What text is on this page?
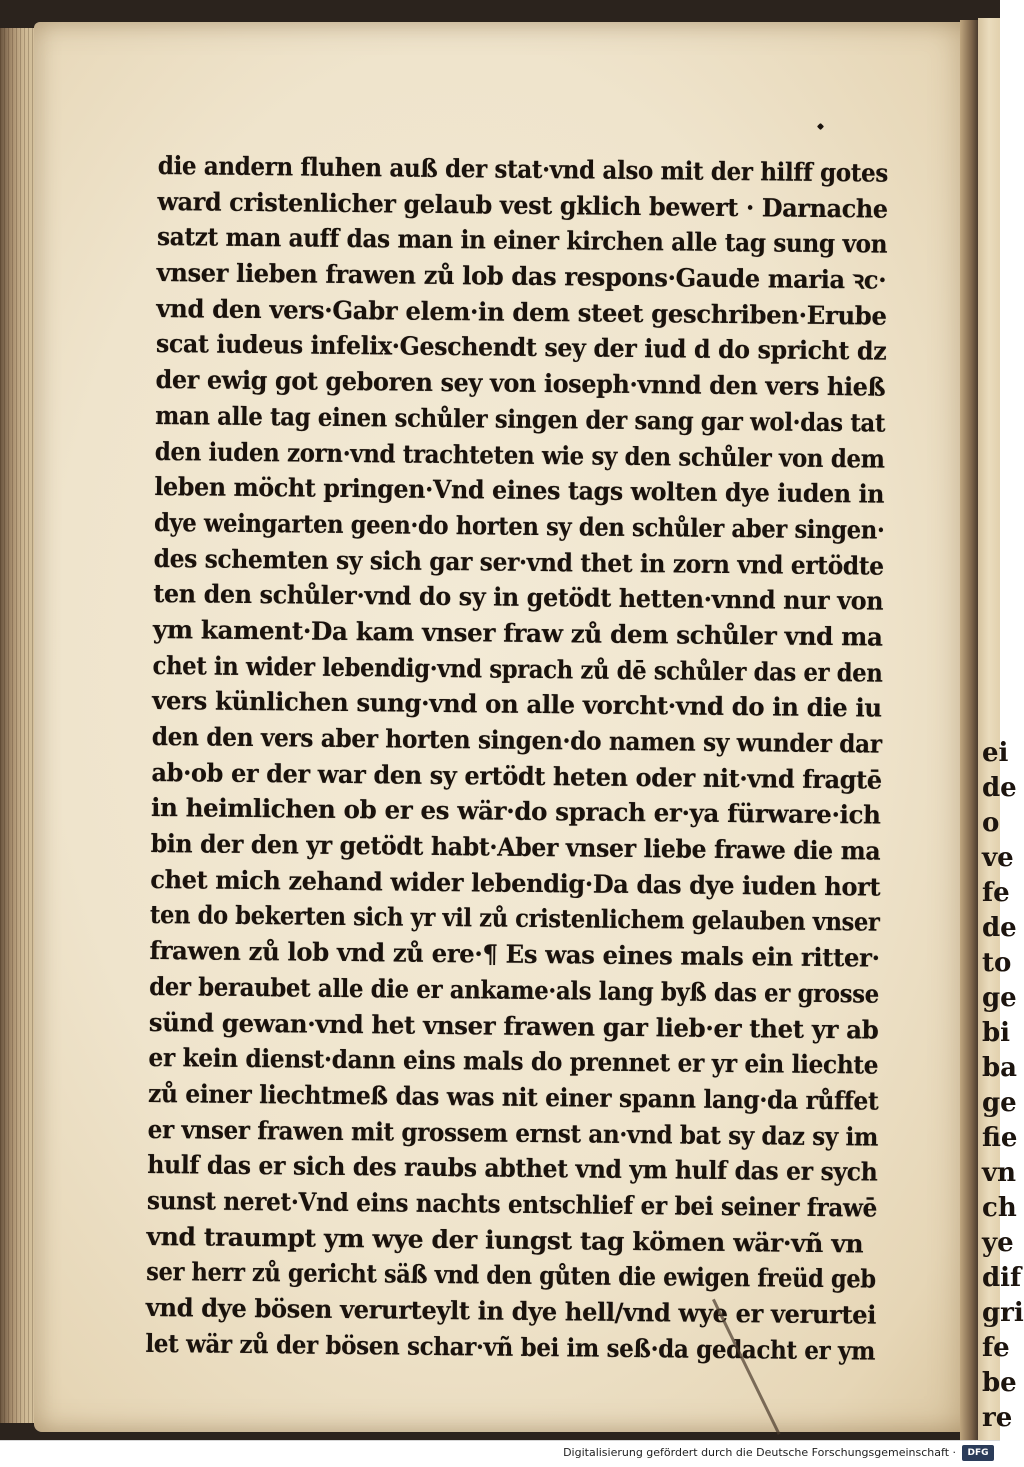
ei
de
o
ve
fe
de
to
ge
bi
ba
ge
fie
vn
ch
ye
dif
gri
fe
be
re
die andern fluhen auß der stat·vnd also mit der hilff gotes
ward cristenlicher gelaub vest gklich bewert · Darnache
satzt man auff das man in einer kirchen alle tag sung von
vnser lieben frawen zů lob das respons·Gaude maria ꝛc·
vnd den vers·Gabr elem·in dem steet geschriben·Erube
scat iudeus infelix·Geschendt sey der iud d do spricht dz
der ewig got geboren sey von ioseph·vnnd den vers hieß
man alle tag einen schůler singen der sang gar wol·das tat
den iuden zorn·vnd trachteten wie sy den schůler von dem
leben möcht pringen·Vnd eines tags wolten dye iuden in
dye weingarten geen·do horten sy den schůler aber singen·
des schemten sy sich gar ser·vnd thet in zorn vnd ertödte
ten den schůler·vnd do sy in getödt hetten·vnnd nur von
ym kament·Da kam vnser fraw zů dem schůler vnd ma
chet in wider lebendig·vnd sprach zů dē schůler das er den
vers künlichen sung·vnd on alle vorcht·vnd do in die iu
den den vers aber horten singen·do namen sy wunder dar
ab·ob er der war den sy ertödt heten oder nit·vnd fragtē
in heimlichen ob er es wär·do sprach er·ya fürware·ich
bin der den yr getödt habt·Aber vnser liebe frawe die ma
chet mich zehand wider lebendig·Da das dye iuden hort
ten do bekerten sich yr vil zů cristenlichem gelauben vnser
frawen zů lob vnd zů ere·¶ Es was eines mals ein ritter·
der beraubet alle die er ankame·als lang byß das er grosse
sünd gewan·vnd het vnser frawen gar lieb·er thet yr ab
er kein dienst·dann eins mals do prennet er yr ein liechte
zů einer liechtmeß das was nit einer spann lang·da růffet
er vnser frawen mit grossem ernst an·vnd bat sy daz sy im
hulf das er sich des raubs abthet vnd ym hulf das er sych
sunst neret·Vnd eins nachts entschlief er bei seiner frawē
vnd traumpt ym wye der iungst tag kömen wär·vñ vn
ser herr zů gericht säß vnd den gůten die ewigen freüd geb
vnd dye bösen verurteylt in dye hell/vnd wye er verurtei
let wär zů der bösen schar·vñ bei im seß·da gedacht er ym
Digitalisierung gefördert durch die Deutsche Forschungsgemeinschaft ·	DFG
